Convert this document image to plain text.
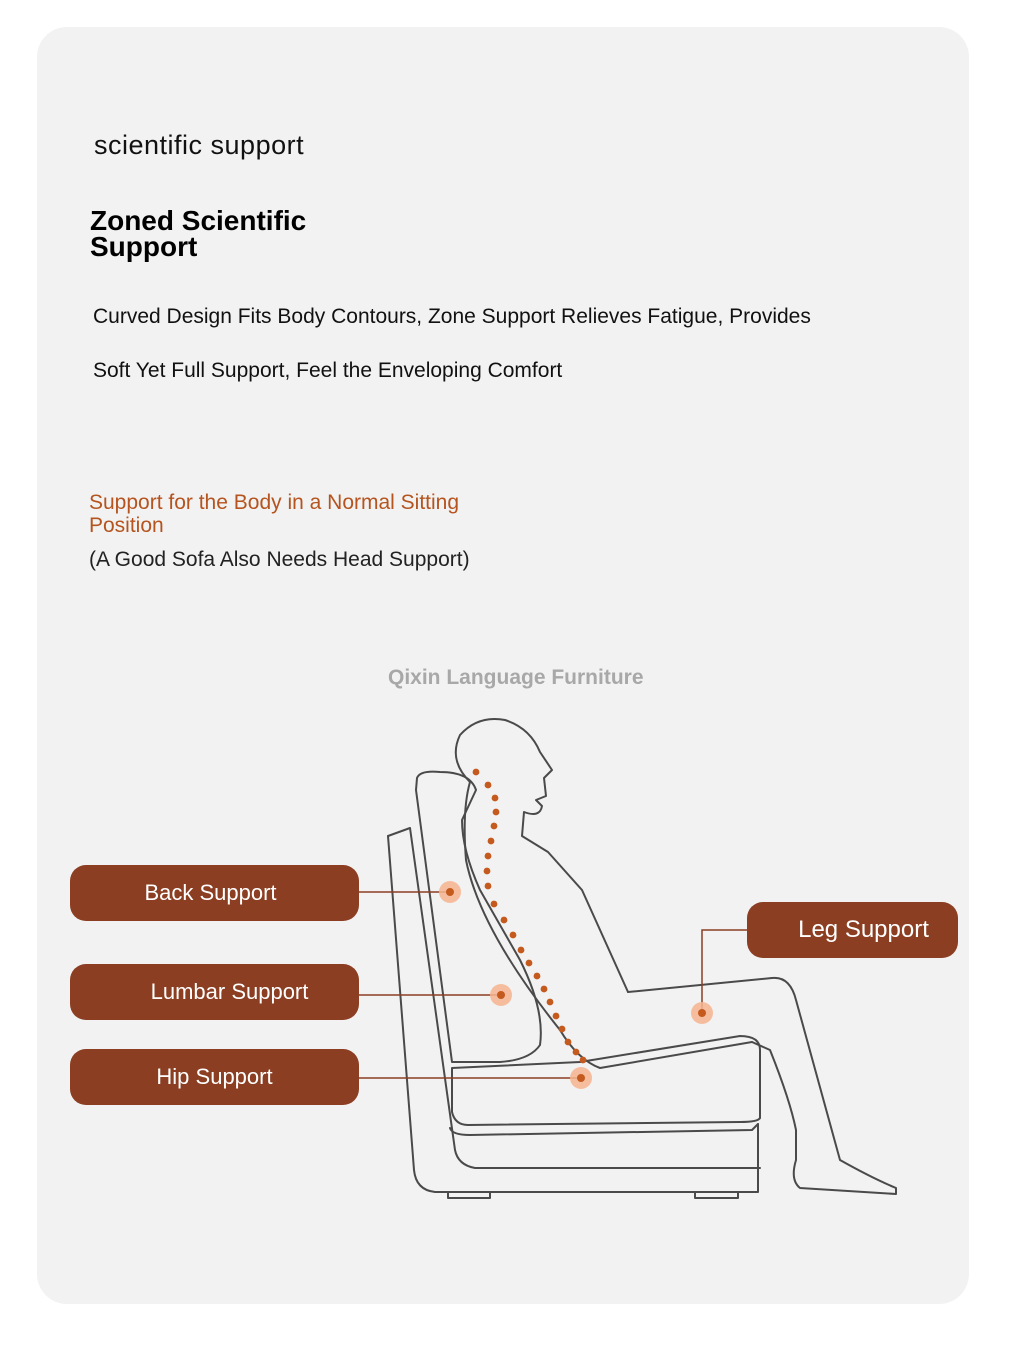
scientific support
Zoned Scientific Support
Curved Design Fits Body Contours, Zone Support Relieves Fatigue, Provides
Soft Yet Full Support, Feel the Enveloping Comfort
Support for the Body in a Normal Sitting Position
(A Good Sofa Also Needs Head Support)
Qixin Language Furniture
Back Support
Lumbar Support
Hip Support
Leg Support
